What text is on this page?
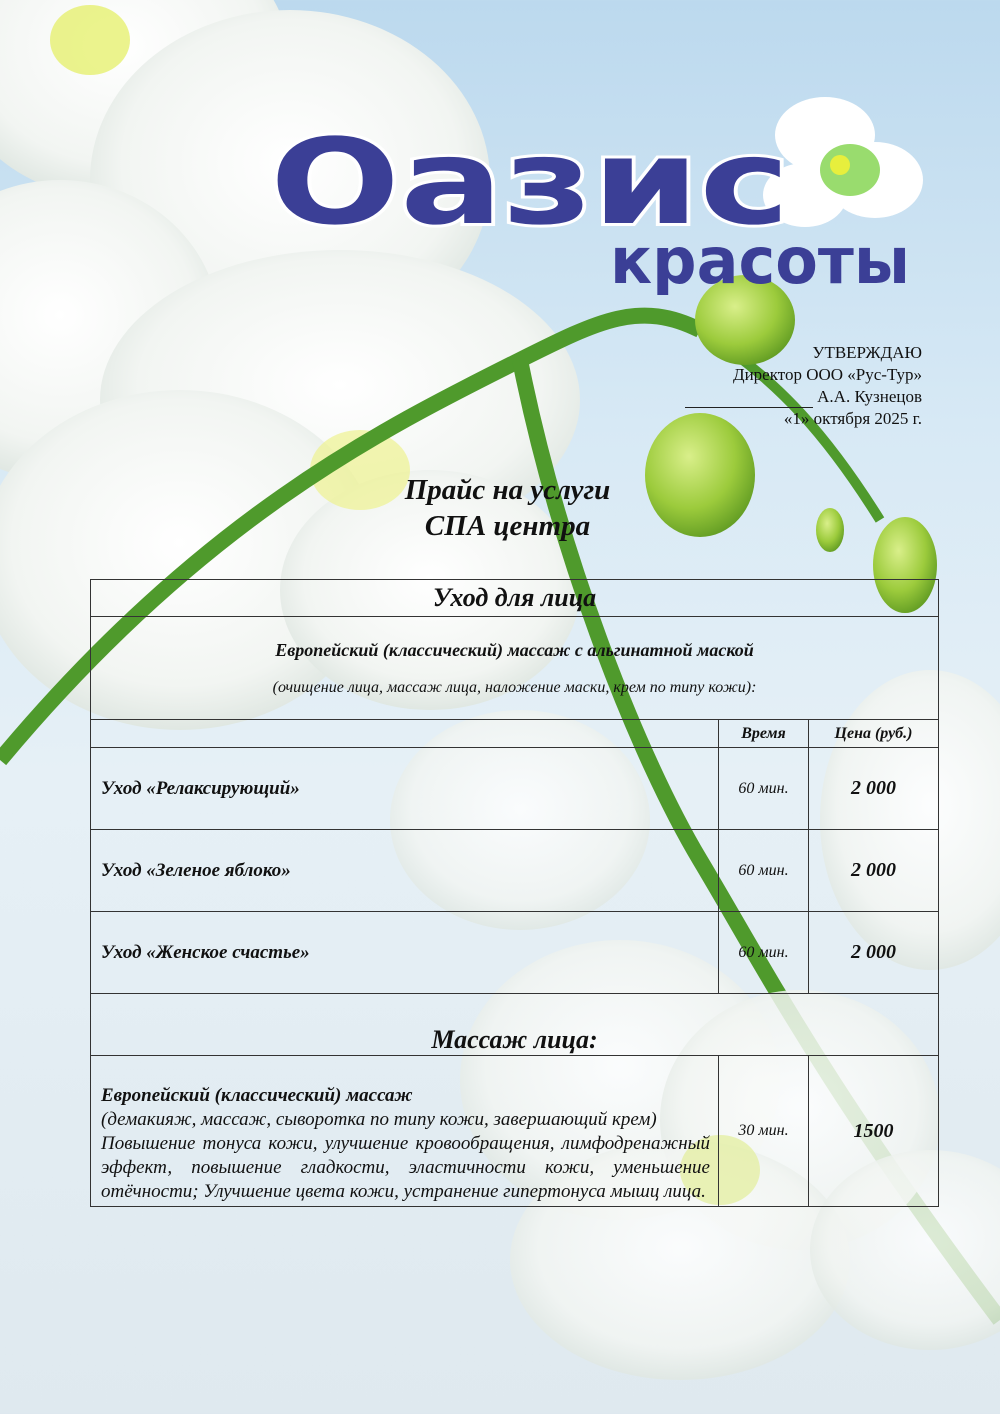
Оазис
красоты
УТВЕРЖДАЮ
Директор ООО «Рус-Тур»
А.А. Кузнецов
«1» октября 2025 г.
Прайс на услуги
СПА центра
Уход для лица		

Европейский (классический) массаж с альгинатной маской
(очищение лица, массаж лица, наложение маски, крем по типу кожи):		

	Время	Цена (руб.)
Уход «Релаксирующий»	60 мин.	2 000
Уход «Зеленое яблоко»	60 мин.	2 000
Уход «Женское счастье»	60 мин.	2 000
Массаж лица:		

Европейский (классический) массаж
(демакияж, массаж, сыворотка по типу кожи, завершающий крем)
Повышение тонуса кожи, улучшение кровообращения, лимфодренажный эффект, повышение гладкости, эластичности кожи, уменьшение отёчности; Улучшение цвета кожи, устранение гипертонуса мышц лица.	30 мин.	1500
